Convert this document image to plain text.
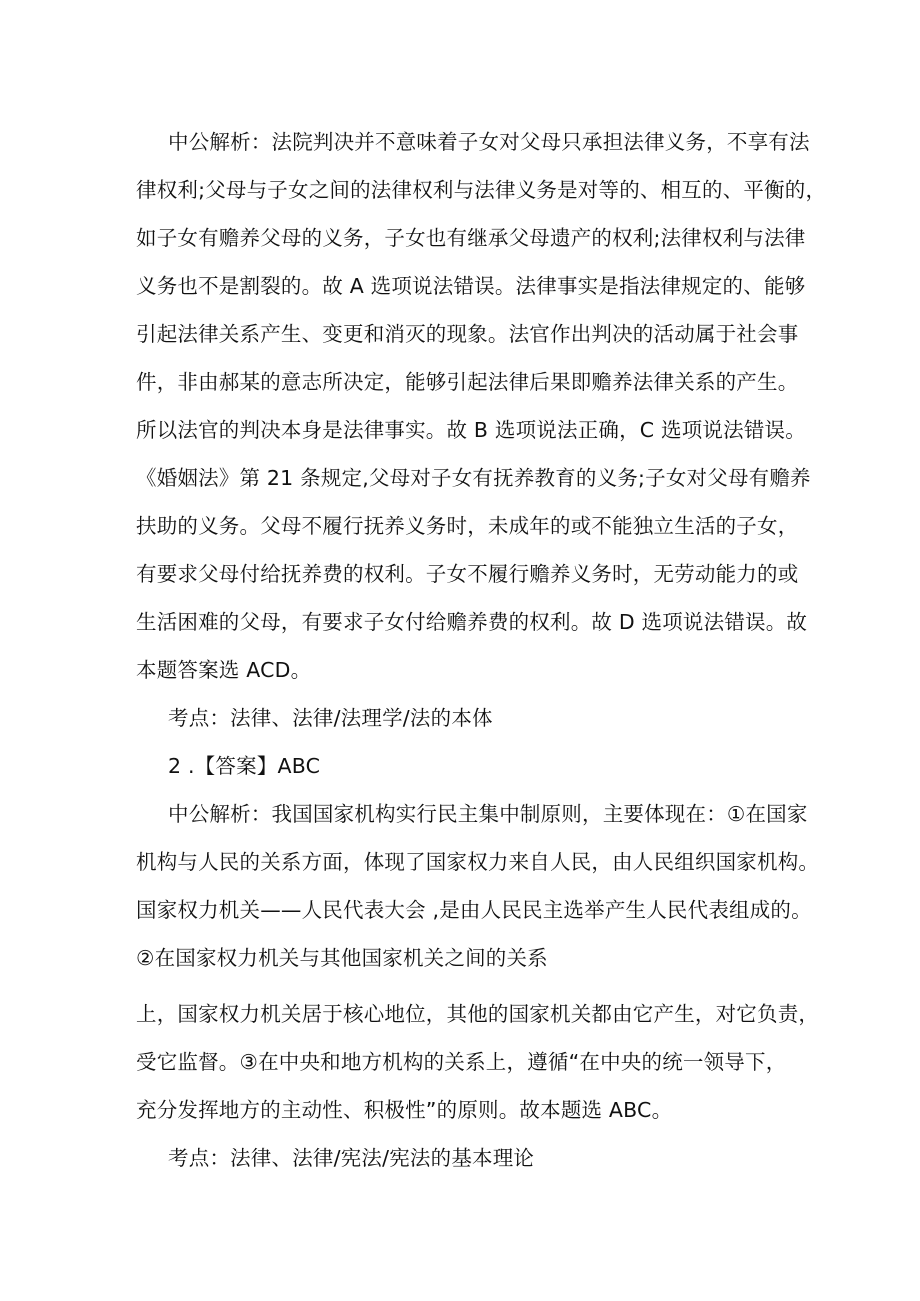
中公解析：法院判决并不意味着子女对父母只承担法律义务，不享有法
律权利;父母与子女之间的法律权利与法律义务是对等的、相互的、平衡的，
如子女有赡养父母的义务，子女也有继承父母遗产的权利;法律权利与法律
义务也不是割裂的。故 A 选项说法错误。法律事实是指法律规定的、能够
引起法律关系产生、变更和消灭的现象。法官作出判决的活动属于社会事
件，非由郝某的意志所决定，能够引起法律后果即赡养法律关系的产生。
所以法官的判决本身是法律事实。故 B 选项说法正确，C 选项说法错误。
《婚姻法》第 21 条规定,父母对子女有抚养教育的义务;子女对父母有赡养
扶助的义务。父母不履行抚养义务时，未成年的或不能独立生活的子女，
有要求父母付给抚养费的权利。子女不履行赡养义务时，无劳动能力的或
生活困难的父母，有要求子女付给赡养费的权利。故 D 选项说法错误。故
本题答案选 ACD。
考点：法律、法律/法理学/法的本体
2 .【答案】ABC
中公解析：我国国家机构实行民主集中制原则，主要体现在：①在国家
机构与人民的关系方面，体现了国家权力来自人民，由人民组织国家机构。
国家权力机关——人民代表大会 ,是由人民民主选举产生人民代表组成的。
②在国家权力机关与其他国家机关之间的关系
上，国家权力机关居于核心地位，其他的国家机关都由它产生，对它负责，
受它监督。③在中央和地方机构的关系上，遵循“在中央的统一领导下，
充分发挥地方的主动性、积极性”的原则。故本题选 ABC。
考点：法律、法律/宪法/宪法的基本理论
